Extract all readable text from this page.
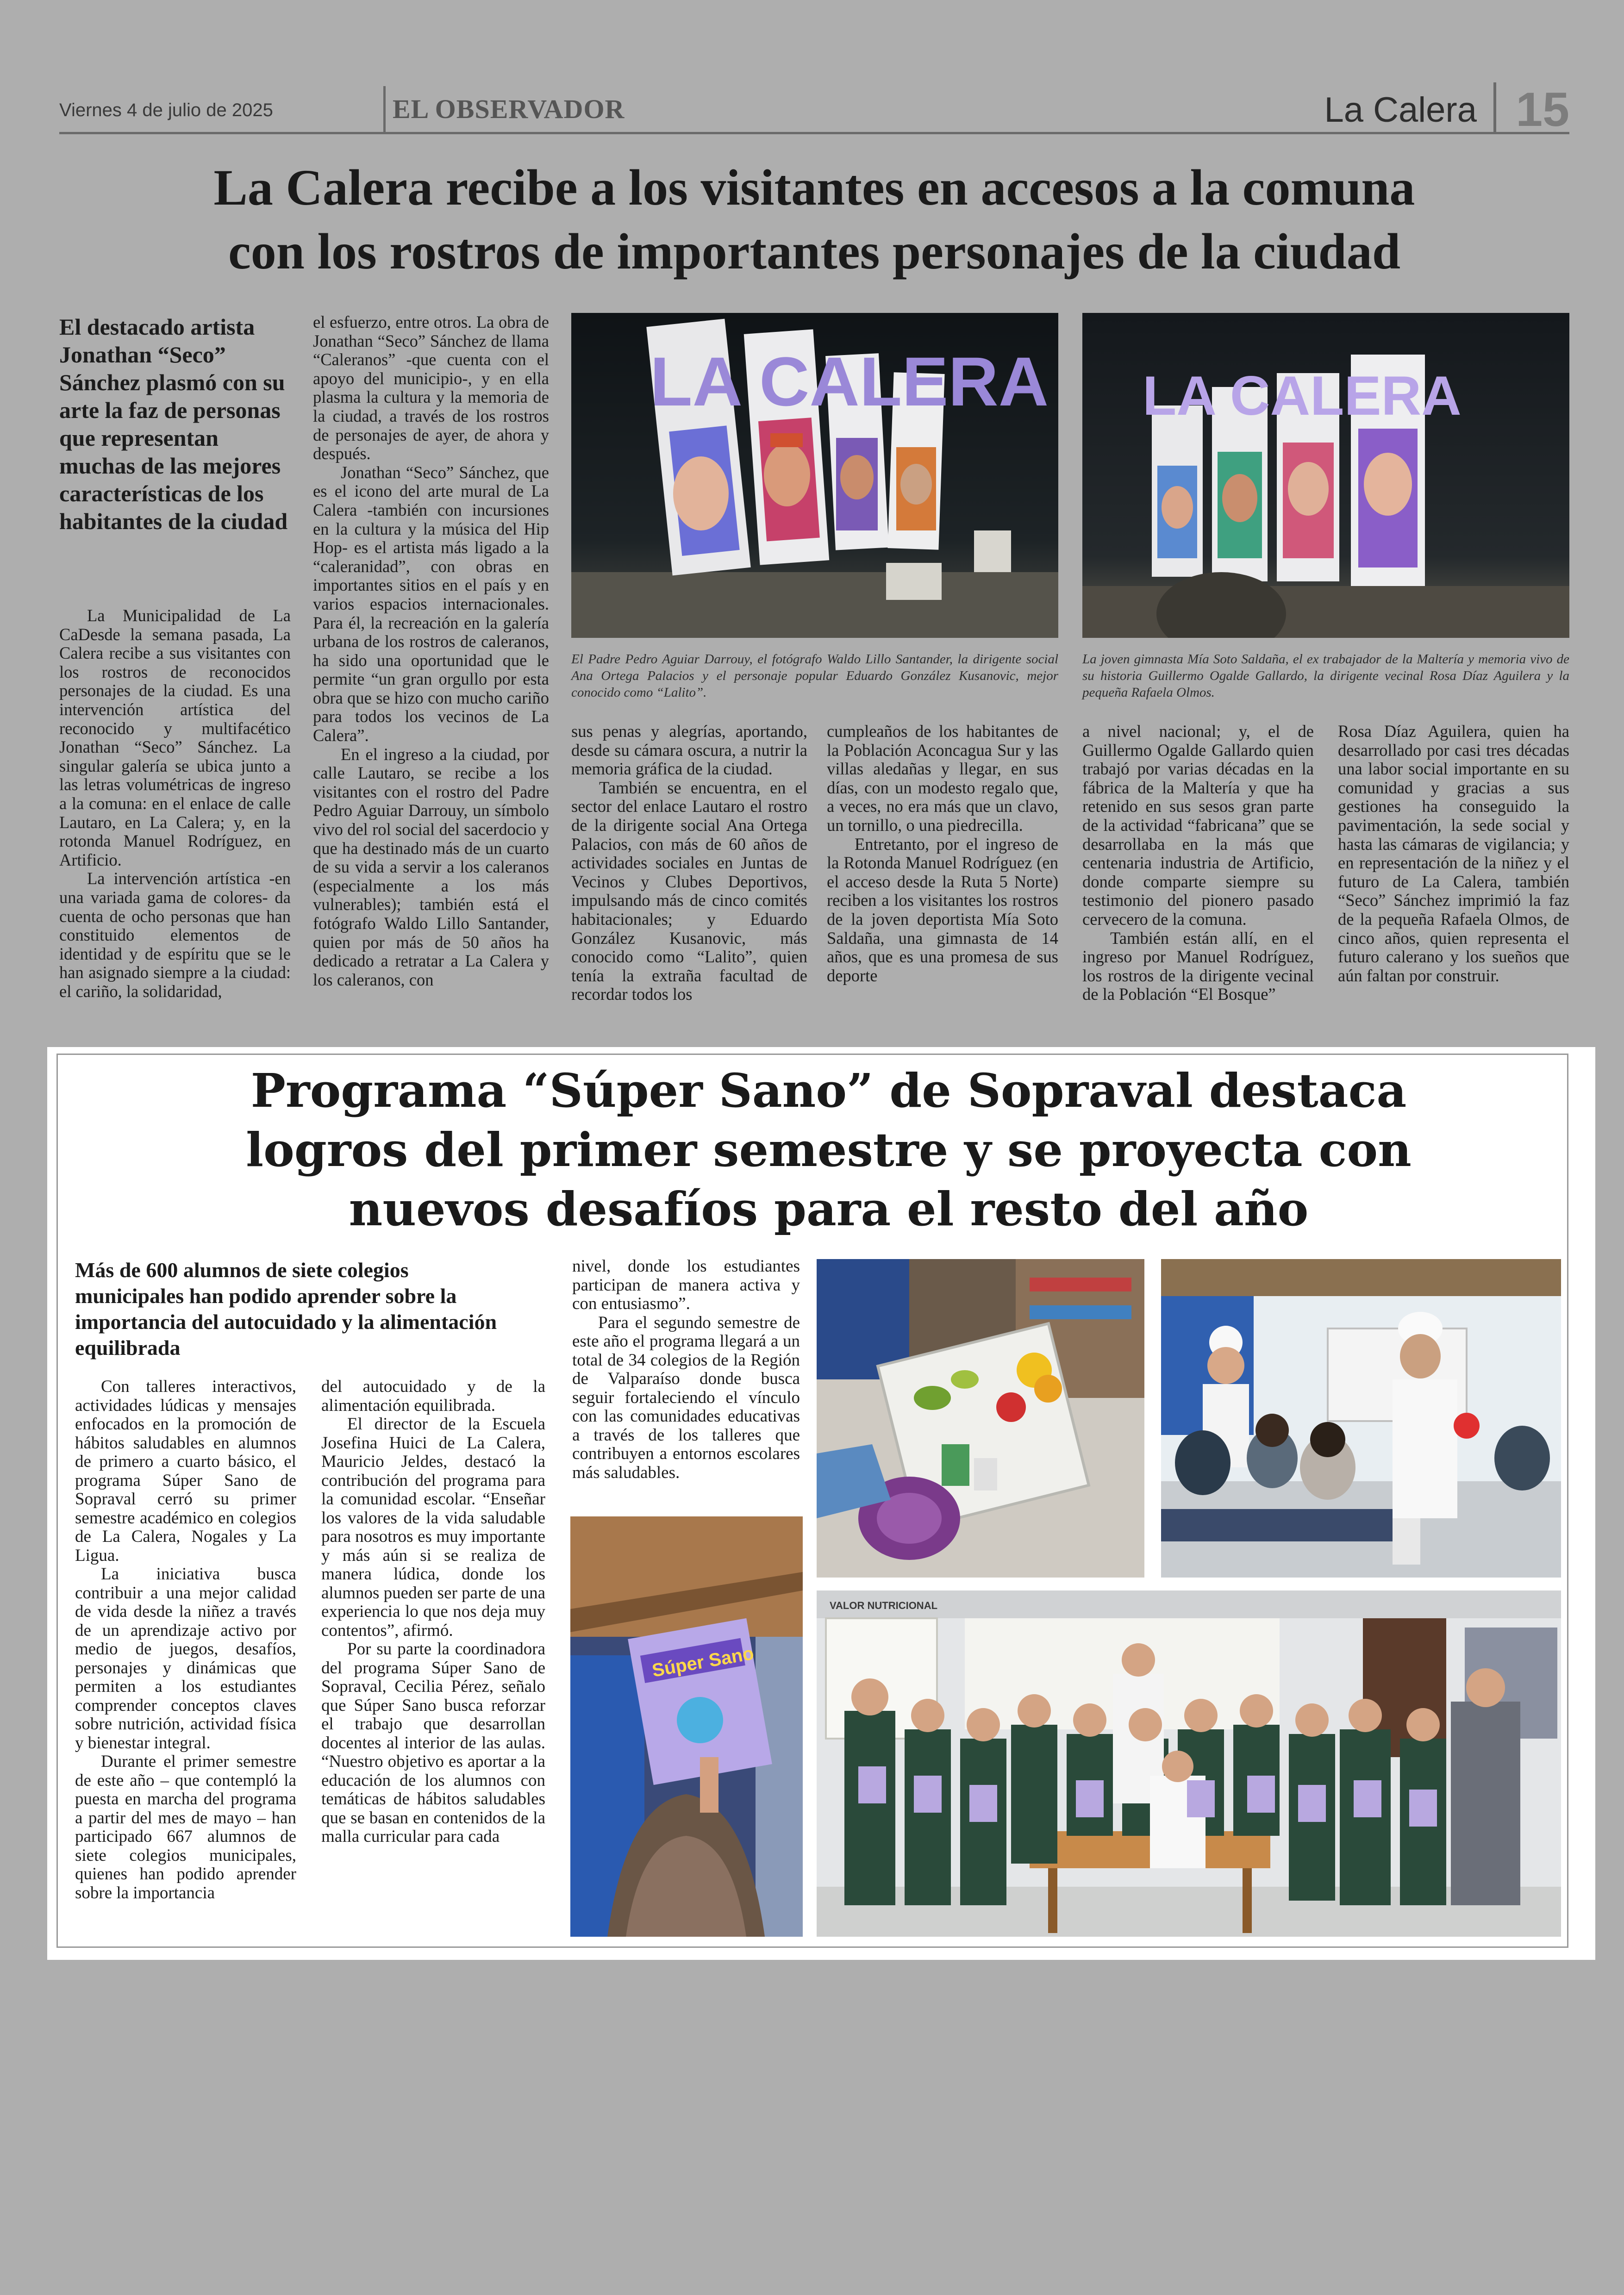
Viernes 4 de julio de 2025	EL OBSERVADOR	La Calera 15
La Calera recibe a los visitantes en accesos a la comuna
con los rostros de importantes personajes de la ciudad
El destacado artista Jonathan “Seco” Sánchez plasmó con su arte la faz de personas que representan muchas de las mejores características de los habitantes de la ciudad

La Municipalidad de La CaDesde la semana pasada, La Calera recibe a sus visitantes con los rostros de reconocidos personajes de la ciudad. Es una intervención artística del reconocido y multifacético Jonathan “Seco” Sánchez. La singular galería se ubica junto a las letras volumétricas de ingreso a la comuna: en el enlace de calle Lautaro, en La Calera; y, en la rotonda Manuel Rodríguez, en Artificio.

La intervención artística -en una variada gama de colores- da cuenta de ocho personas que han constituido elementos de identidad y de espíritu que se le han asignado siempre a la ciudad: el cariño, la solidaridad,

el esfuerzo, entre otros. La obra de Jonathan “Seco” Sánchez de llama “Caleranos” -que cuenta con el apoyo del municipio-, y en ella plasma la cultura y la memoria de la ciudad, a través de los rostros de personajes de ayer, de ahora y después.

Jonathan “Seco” Sánchez, que es el icono del arte mural de La Calera -también con incursiones en la cultura y la música del Hip Hop- es el artista más ligado a la “caleranidad”, con obras en importantes sitios en el país y en varios espacios internacionales. Para él, la recreación en la galería urbana de los rostros de caleranos, ha sido una oportunidad que le permite “un gran orgullo por esta obra que se hizo con mucho cariño para todos los vecinos de La Calera”.

En el ingreso a la ciudad, por calle Lautaro, se recibe a los visitantes con el rostro del Padre Pedro Aguiar Darrouy, un símbolo vivo del rol social del sacerdocio y que ha destinado más de un cuarto de su vida a servir a los caleranos (especialmente a los más vulnerables); también está el fotógrafo Waldo Lillo Santander, quien por más de 50 años ha dedicado a retratar a La Calera y los caleranos, con

LA CALERA LA CALERA
El Padre Pedro Aguiar Darrouy, el fotógrafo Waldo Lillo Santander, la dirigente social Ana Ortega Palacios y el personaje popular Eduardo González Kusanovic, mejor conocido como “Lalito”.
La joven gimnasta Mía Soto Saldaña, el ex trabajador de la Maltería y memoria vivo de su historia Guillermo Ogalde Gallardo, la dirigente vecinal Rosa Díaz Aguilera y la pequeña Rafaela Olmos.

sus penas y alegrías, aportando, desde su cámara oscura, a nutrir la memoria gráfica de la ciudad.

También se encuentra, en el sector del enlace Lautaro el rostro de la dirigente social Ana Ortega Palacios, con más de 60 años de actividades sociales en Juntas de Vecinos y Clubes Deportivos, impulsando más de cinco comités habitacionales; y Eduardo González Kusanovic, más conocido como “Lalito”, quien tenía la extraña facultad de recordar todos los

cumpleaños de los habitantes de la Población Aconcagua Sur y las villas aledañas y llegar, en sus días, con un modesto regalo que, a veces, no era más que un clavo, un tornillo, o una piedrecilla.

Entretanto, por el ingreso de la Rotonda Manuel Rodríguez (en el acceso desde la Ruta 5 Norte) reciben a los visitantes los rostros de la joven deportista Mía Soto Saldaña, una gimnasta de 14 años, que es una promesa de sus deporte

a nivel nacional; y, el de Guillermo Ogalde Gallardo quien trabajó por varias décadas en la fábrica de la Maltería y que ha retenido en sus sesos gran parte de la actividad “fabricana” que se desarrollaba en la más que centenaria industria de Artificio, donde comparte siempre su testimonio del pionero pasado cervecero de la comuna.

También están allí, en el ingreso por Manuel Rodríguez, los rostros de la dirigente vecinal de la Población “El Bosque”

Rosa Díaz Aguilera, quien ha desarrollado por casi tres décadas una labor social importante en su comunidad y gracias a sus gestiones ha conseguido la pavimentación, la sede social y hasta las cámaras de vigilancia; y en representación de la niñez y el futuro de La Calera, también “Seco” Sánchez imprimió la faz de la pequeña Rafaela Olmos, de cinco años, quien representa el futuro calerano y los sueños que aún faltan por construir.

Programa “Súper Sano” de Sopraval destaca
logros del primer semestre y se proyecta con
nuevos desafíos para el resto del año
Más de 600 alumnos de siete colegios municipales han podido aprender sobre la importancia del autocuidado y la alimentación equilibrada

Con talleres interactivos, actividades lúdicas y mensajes enfocados en la promoción de hábitos saludables en alumnos de primero a cuarto básico, el programa Súper Sano de Sopraval cerró su primer semestre académico en colegios de La Calera, Nogales y La Ligua.

La iniciativa busca contribuir a una mejor calidad de vida desde la niñez a través de un aprendizaje activo por medio de juegos, desafíos, personajes y dinámicas que permiten a los estudiantes comprender conceptos claves sobre nutrición, actividad física y bienestar integral.

Durante el primer semestre de este año – que contempló la puesta en marcha del programa a partir del mes de mayo – han participado 667 alumnos de siete colegios municipales, quienes han podido aprender sobre la importancia

del autocuidado y de la alimentación equilibrada.

El director de la Escuela Josefina Huici de La Calera, Mauricio Jeldes, destacó la contribución del programa para la comunidad escolar. “Enseñar los valores de la vida saludable para nosotros es muy importante y más aún si se realiza de manera lúdica, donde los alumnos pueden ser parte de una experiencia lo que nos deja muy contentos”, afirmó.

Por su parte la coordinadora del programa Súper Sano de Sopraval, Cecilia Pérez, señalo que Súper Sano busca reforzar el trabajo que desarrollan docentes al interior de las aulas. “Nuestro objetivo es aportar a la educación de los alumnos con temáticas de hábitos saludables que se basan en contenidos de la malla curricular para cada

nivel, donde los estudiantes participan de manera activa y con entusiasmo”.

Para el segundo semestre de este año el programa llegará a un total de 34 colegios de la Región de Valparaíso donde busca seguir fortaleciendo el vínculo con las comunidades educativas a través de los talleres que contribuyen a entornos escolares más saludables.

Súper Sano
VALOR NUTRICIONAL
